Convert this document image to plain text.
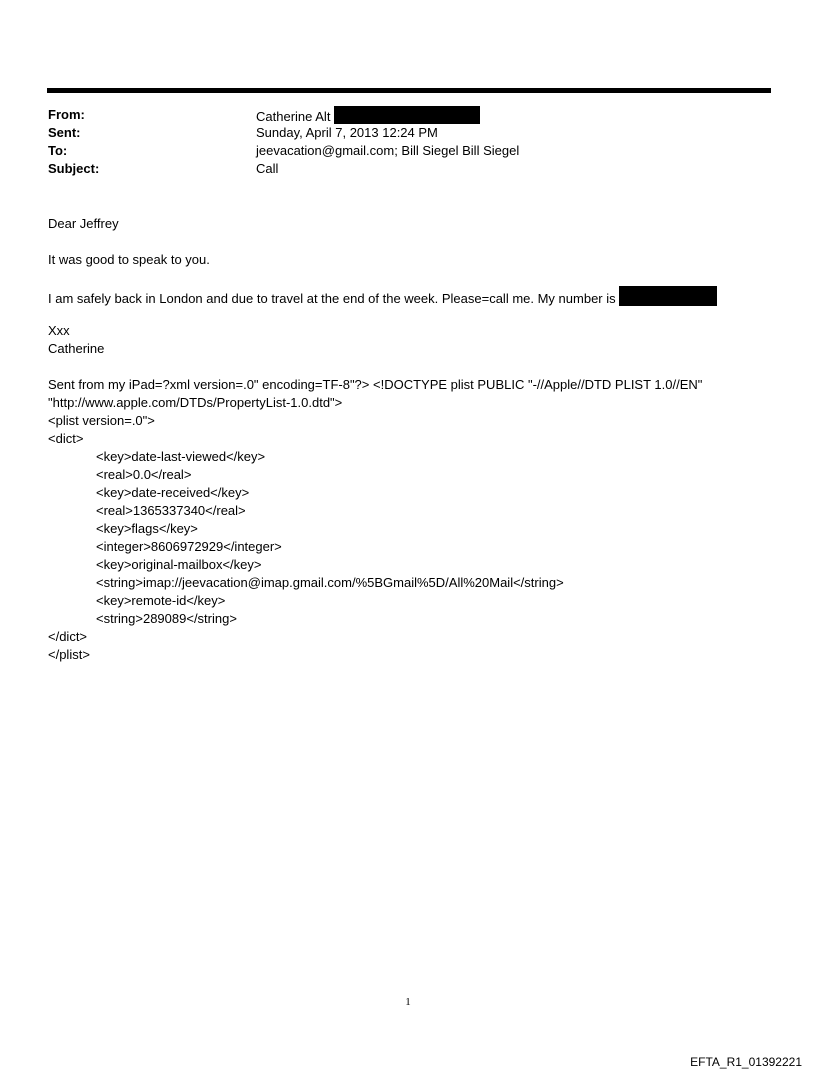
From:	Catherine Alt
Sent:	Sunday, April 7, 2013 12:24 PM
To:	jeevacation@gmail.com; Bill Siegel Bill Siegel
Subject:	Call
Dear Jeffrey
It was good to speak to you.
I am safely back in London and due to travel at the end of the week. Please=call me. My number is
Xxx
Catherine
Sent from my iPad=?xml version=.0" encoding=TF-8"?> <!DOCTYPE plist PUBLIC "-//Apple//DTD PLIST 1.0//EN"
"http://www.apple.com/DTDs/PropertyList-1.0.dtd">
<plist version=.0">
<dict>
<key>date-last-viewed</key>
<real>0.0</real>
<key>date-received</key>
<real>1365337340</real>
<key>flags</key>
<integer>8606972929</integer>
<key>original-mailbox</key>
<string>imap://jeevacation@imap.gmail.com/%5BGmail%5D/All%20Mail</string>
<key>remote-id</key>
<string>289089</string>
</dict>
</plist>
1
EFTA_R1_01392221
